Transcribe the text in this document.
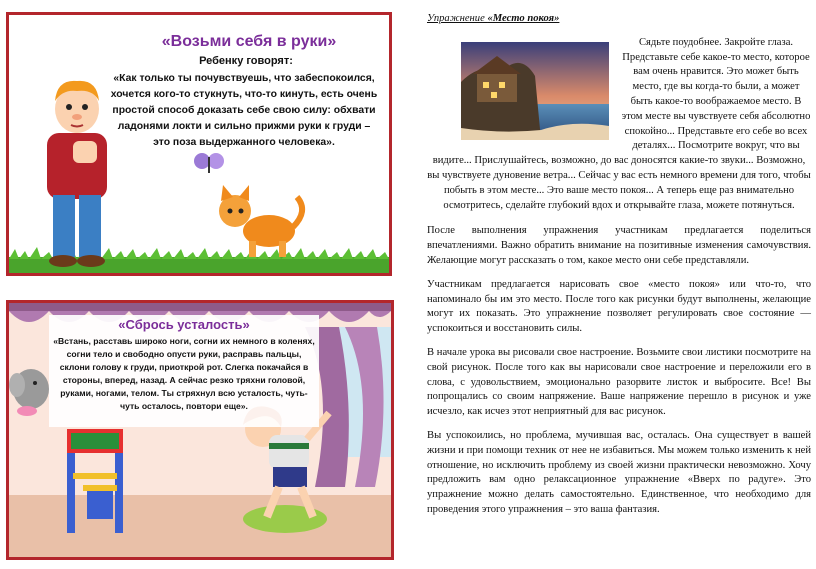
«Возьми себя в руки»
Ребенку говорят:
«Как только ты почувствуешь, что забеспокоился, хочется кого-то стукнуть, что-то кинуть, есть очень простой способ доказать себе свою силу: обхвати ладонями локти и сильно прижми руки к груди – это поза выдержанного человека».
«Сбрось усталость»
«Встань, расставь широко ноги, согни их немного в коленях, согни тело и свободно опусти руки, расправь пальцы, склони голову к груди, приоткрой рот. Слегка покачайся в стороны, вперед, назад. А сейчас резко тряхни головой, руками, ногами, телом. Ты стряхнул всю усталость, чуть-чуть осталось, повтори еще».

Упражнение «Место покоя»

Сядьте поудобнее. Закройте глаза. Представьте себе какое-то место, которое вам очень нравится. Это может быть место, где вы когда-то были, а может быть какое-то воображаемое место. В этом месте вы чувствуете себя абсолютно спокойно... Представьте его себе во всех деталях... Посмотрите вокруг, что вы видите... Прислушайтесь, возможно, до вас доносятся какие-то звуки... Возможно, вы чувствуете дуновение ветра... Сейчас у вас есть немного времени для того, чтобы побыть в этом месте... Это ваше место покоя... А теперь еще раз внимательно осмотритесь, сделайте глубокий вдох и открывайте глаза, можете потянуться.

После выполнения упражнения участникам предлагается поделиться впечатлениями. Важно обратить внимание на позитивные изменения самочувствия. Желающие могут рассказать о том, какое место они себе представляли.

Участникам предлагается нарисовать свое «место покоя» или что-то, что напоминало бы им это место. После того как рисунки будут выполнены, желающие могут их показать. Это упражнение позволяет регулировать свое состояние — успокоиться и восстановить силы.

В начале урока вы рисовали свое настроение. Возьмите свои листики посмотрите на свой рисунок. После того как вы нарисовали свое настроение и переложили его в слова, с удовольствием, эмоционально разорвите листок и выбросите. Все! Вы попрощались со своим напряжение. Ваше напряжение перешло в рисунок и уже исчезло, как исчез этот неприятный для вас рисунок.

Вы успокоились, но проблема, мучившая вас, осталась. Она существует в вашей жизни и при помощи техник от нее не избавиться. Мы можем только изменить к ней отношение, но исключить проблему из своей жизни практически невозможно. Хочу предложить вам одно релаксационное упражнение «Вверх по радуге». Это упражнение можно делать самостоятельно. Единственное, что необходимо для проведения этого упражнения – это ваша фантазия.
